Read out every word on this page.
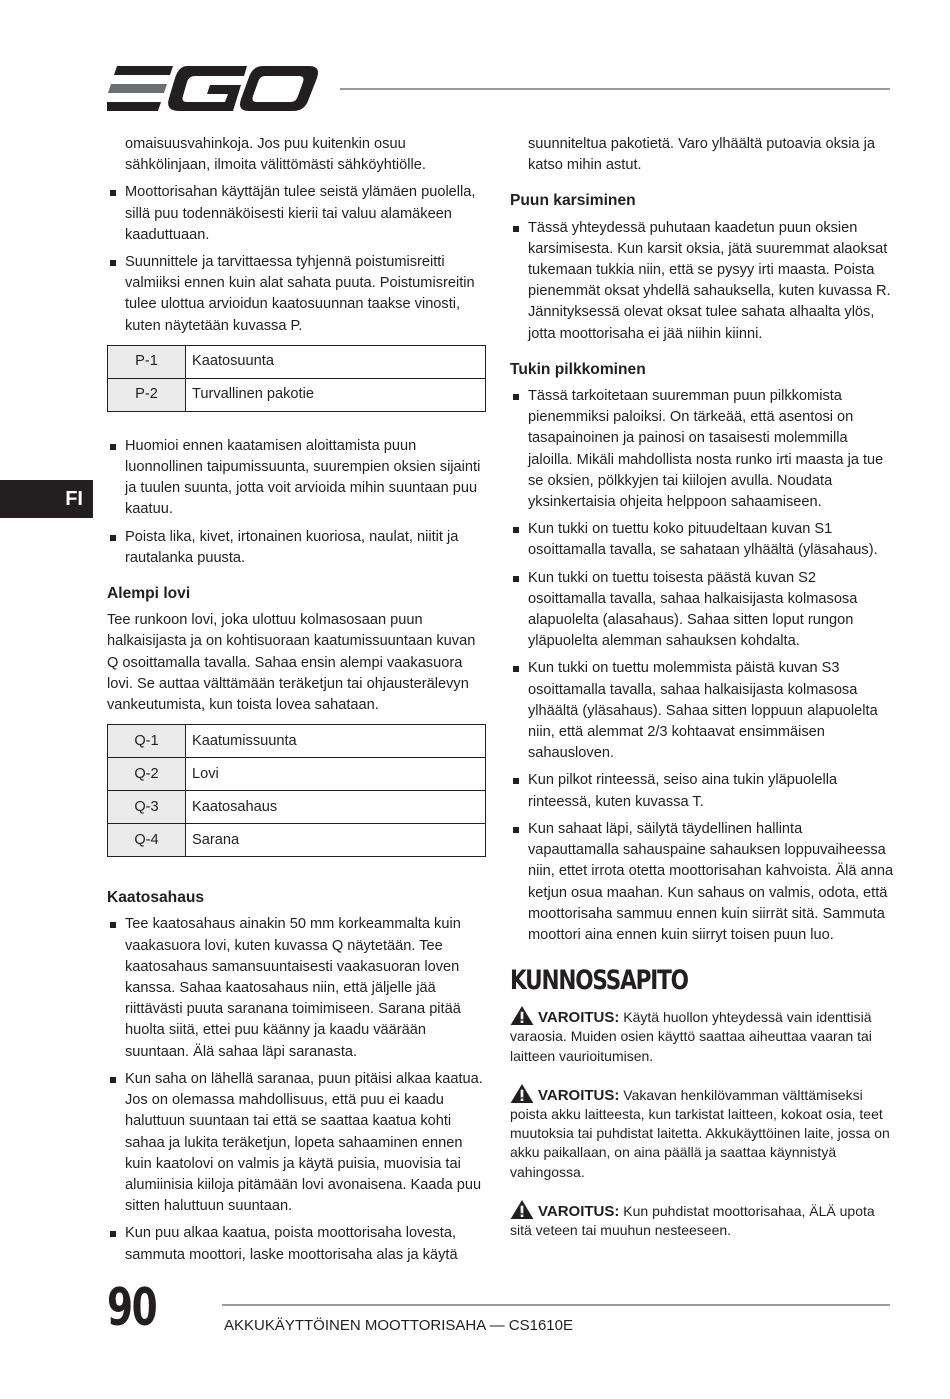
FI

omaisuusvahinkoja. Jos puu kuitenkin osuu sähkölinjaan, ilmoita välittömästi sähköyhtiölle.

Moottorisahan käyttäjän tulee seistä ylämäen puolella, sillä puu todennäköisesti kierii tai valuu alamäkeen kaaduttuaan.
Suunnittele ja tarvittaessa tyhjennä poistumisreitti valmiiksi ennen kuin alat sahata puuta. Poistumisreitin tulee ulottua arvioidun kaatosuunnan taakse vinosti, kuten näytetään kuvassa P.
P-1	Kaatosuunta
P-2	Turvallinen pakotie
Huomioi ennen kaatamisen aloittamista puun luonnollinen taipumissuunta, suurempien oksien sijainti ja tuulen suunta, jotta voit arvioida mihin suuntaan puu kaatuu.
Poista lika, kivet, irtonainen kuoriosa, naulat, niitit ja rautalanka puusta.
Alempi lovi

Tee runkoon lovi, joka ulottuu kolmasosaan puun halkaisijasta ja on kohtisuoraan kaatumissuuntaan kuvan Q osoittamalla tavalla. Sahaa ensin alempi vaakasuora lovi. Se auttaa välttämään teräketjun tai ohjausterälevyn vankeutumista, kun toista lovea sahataan.

Q-1	Kaatumissuunta
Q-2	Lovi
Q-3	Kaatosahaus
Q-4	Sarana
Kaatosahaus
Tee kaatosahaus ainakin 50 mm korkeammalta kuin vaakasuora lovi, kuten kuvassa Q näytetään. Tee kaatosahaus samansuuntaisesti vaakasuoran loven kanssa. Sahaa kaatosahaus niin, että jäljelle jää riittävästi puuta saranana toimimiseen. Sarana pitää huolta siitä, ettei puu käänny ja kaadu väärään suuntaan. Älä sahaa läpi saranasta.
Kun saha on lähellä saranaa, puun pitäisi alkaa kaatua. Jos on olemassa mahdollisuus, että puu ei kaadu haluttuun suuntaan tai että se saattaa kaatua kohti sahaa ja lukita teräketjun, lopeta sahaaminen ennen kuin kaatolovi on valmis ja käytä puisia, muovisia tai alumiinisia kiiloja pitämään lovi avonaisena. Kaada puu sitten haluttuun suuntaan.
Kun puu alkaa kaatua, poista moottorisaha lovesta, sammuta moottori, laske moottorisaha alas ja käytä

suunniteltua pakotietä. Varo ylhäältä putoavia oksia ja katso mihin astut.

Puun karsiminen
Tässä yhteydessä puhutaan kaadetun puun oksien karsimisesta. Kun karsit oksia, jätä suuremmat alaoksat tukemaan tukkia niin, että se pysyy irti maasta. Poista pienemmät oksat yhdellä sahauksella, kuten kuvassa R. Jännityksessä olevat oksat tulee sahata alhaalta ylös, jotta moottorisaha ei jää niihin kiinni.
Tukin pilkkominen
Tässä tarkoitetaan suuremman puun pilkkomista pienemmiksi paloiksi. On tärkeää, että asentosi on tasapainoinen ja painosi on tasaisesti molemmilla jaloilla. Mikäli mahdollista nosta runko irti maasta ja tue se oksien, pölkkyjen tai kiilojen avulla. Noudata yksinkertaisia ohjeita helppoon sahaamiseen.
Kun tukki on tuettu koko pituudeltaan kuvan S1 osoittamalla tavalla, se sahataan ylhäältä (yläsahaus).
Kun tukki on tuettu toisesta päästä kuvan S2 osoittamalla tavalla, sahaa halkaisijasta kolmasosa alapuolelta (alasahaus). Sahaa sitten loput rungon yläpuolelta alemman sahauksen kohdalta.
Kun tukki on tuettu molemmista päistä kuvan S3 osoittamalla tavalla, sahaa halkaisijasta kolmasosa ylhäältä (yläsahaus). Sahaa sitten loppuun alapuolelta niin, että alemmat 2/3 kohtaavat ensimmäisen sahausloven.
Kun pilkot rinteessä, seiso aina tukin yläpuolella rinteessä, kuten kuvassa T.
Kun sahaat läpi, säilytä täydellinen hallinta vapauttamalla sahauspaine sahauksen loppuvaiheessa niin, ettet irrota otetta moottorisahan kahvoista. Älä anna ketjun osua maahan. Kun sahaus on valmis, odota, että moottorisaha sammuu ennen kuin siirrät sitä. Sammuta moottori aina ennen kuin siirryt toisen puun luo.
KUNNOSSAPITO
VAROITUS: Käytä huollon yhteydessä vain identtisiä varaosia. Muiden osien käyttö saattaa aiheuttaa vaaran tai laitteen vaurioitumisen.
VAROITUS: Vakavan henkilövamman välttämiseksi poista akku laitteesta, kun tarkistat laitteen, kokoat osia, teet muutoksia tai puhdistat laitetta. Akkukäyttöinen laite, jossa on akku paikallaan, on aina päällä ja saattaa käynnistyä vahingossa.
VAROITUS: Kun puhdistat moottorisahaa, ÄLÄ upota sitä veteen tai muuhun nesteeseen.
90	AKKUKÄYTTÖINEN MOOTTORISAHA — CS1610E
